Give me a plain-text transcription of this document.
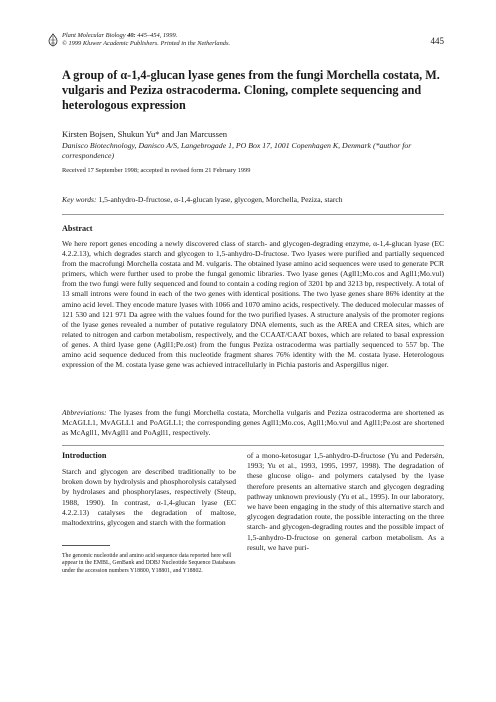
Plant Molecular Biology 40: 445–454, 1999.
© 1999 Kluwer Academic Publishers. Printed in the Netherlands.	445
A group of α-1,4-glucan lyase genes from the fungi Morchella costata, M. vulgaris and Peziza ostracoderma. Cloning, complete sequencing and heterologous expression
Kirsten Bojsen, Shukun Yu* and Jan Marcussen
Danisco Biotechnology, Danisco A/S, Langebrogade 1, PO Box 17, 1001 Copenhagen K, Denmark (*author for correspondence)
Received 17 September 1998; accepted in revised form 21 February 1999
Key words: 1,5-anhydro-D-fructose, α-1,4-glucan lyase, glycogen, Morchella, Peziza, starch
Abstract
We here report genes encoding a newly discovered class of starch- and glycogen-degrading enzyme, α-1,4-glucan lyase (EC 4.2.2.13), which degrades starch and glycogen to 1,5-anhydro-D-fructose. Two lyases were purified and partially sequenced from the macrofungi Morchella costata and M. vulgaris. The obtained lyase amino acid sequences were used to generate PCR primers, which were further used to probe the fungal genomic libraries. Two lyase genes (Agll1;Mo.cos and Agll1;Mo.vul) from the two fungi were fully sequenced and found to contain a coding region of 3201 bp and 3213 bp, respectively. A total of 13 small introns were found in each of the two genes with identical positions. The two lyase genes share 86% identity at the amino acid level. They encode mature lyases with 1066 and 1070 amino acids, respectively. The deduced molecular masses of 121 530 and 121 971 Da agree with the values found for the two purified lyases. A structure analysis of the promoter regions of the lyase genes revealed a number of putative regulatory DNA elements, such as the AREA and CREA sites, which are related to nitrogen and carbon metabolism, respectively, and the CCAAT/CAAT boxes, which are related to basal expression of genes. A third lyase gene (Agll1;Pe.ost) from the fungus Peziza ostracoderma was partially sequenced to 557 bp. The amino acid sequence deduced from this nucleotide fragment shares 76% identity with the M. costata lyase. Heterologous expression of the M. costata lyase gene was achieved intracellularly in Pichia pastoris and Aspergillus niger.
Abbreviations: The lyases from the fungi Morchella costata, Morchella vulgaris and Peziza ostracoderma are shortened as McAGLL1, MvAGLL1 and PoAGLL1; the corresponding genes Agll1;Mo.cos, Agll1;Mo.vul and Agll1;Pe.ost are shortened as McAgll1, MvAgll1 and PoAgll1, respectively.
Introduction
Starch and glycogen are described traditionally to be broken down by hydrolysis and phosphorolysis catalysed by hydrolases and phosphorylases, respectively (Steup, 1988, 1990). In contrast, α-1,4-glucan lyase (EC 4.2.2.13) catalyses the degradation of maltose, maltodextrins, glycogen and starch with the formation
of a mono-ketosugar 1,5-anhydro-D-fructose (Yu and Pedersén, 1993; Yu et al., 1993, 1995, 1997, 1998). The degradation of these glucose oligo- and polymers catalysed by the lyase therefore presents an alternative starch and glycogen degrading pathway unknown previously (Yu et al., 1995). In our laboratory, we have been engaging in the study of this alternative starch and glycogen degradation route, the possible interacting on the three starch- and glycogen-degrading routes and the possible impact of 1,5-anhydro-D-fructose on general carbon metabolism. As a result, we have puri-
The genomic nucleotide and amino acid sequence data reported here will appear in the EMBL, GenBank and DDBJ Nucleotide Sequence Databases under the accession numbers Y18800, Y18801, and Y18802.
